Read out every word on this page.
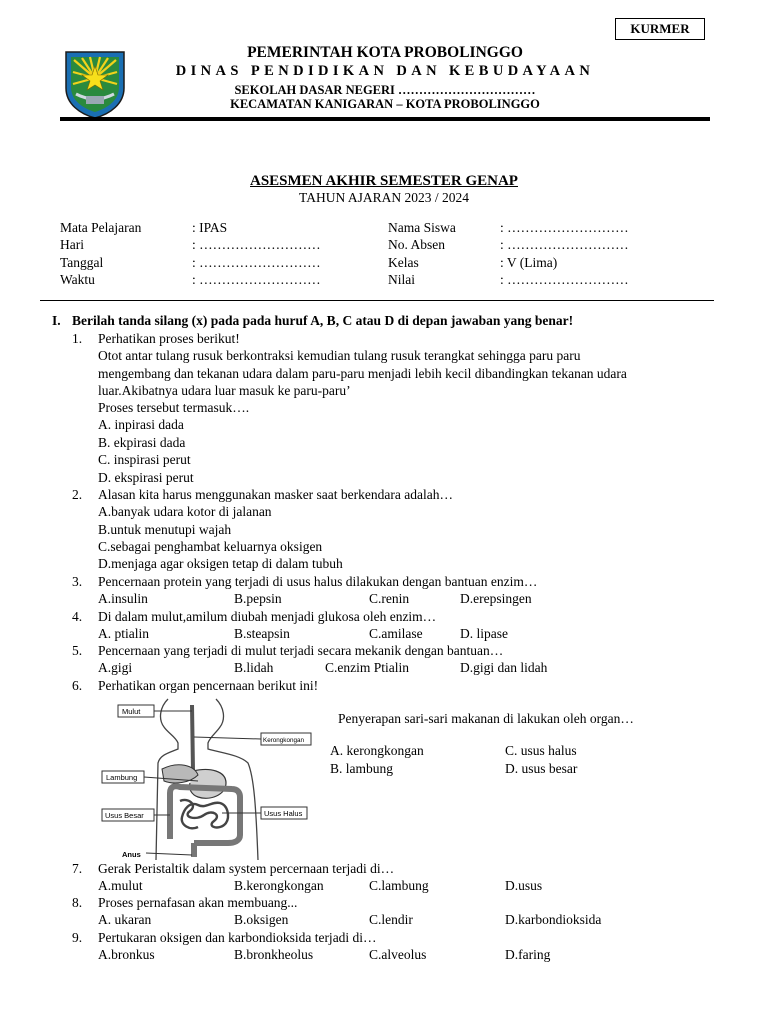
KURMER
PEMERINTAH KOTA PROBOLINGGO
DINAS PENDIDIKAN DAN KEBUDAYAAN
SEKOLAH DASAR NEGERI ……………………………
KECAMATAN KANIGARAN – KOTA PROBOLINGGO
ASESMEN AKHIR SEMESTER GENAP
TAHUN AJARAN 2023 / 2024
Mata Pelajaran	: IPAS
Hari	: ………………………
Tanggal	: ………………………
Waktu	: ………………………
Nama Siswa	: ………………………
No. Absen	: ………………………
Kelas	: V (Lima)
Nilai	: ………………………
I. Berilah tanda silang (x) pada pada huruf A, B, C atau D di depan jawaban yang benar!
1. Perhatikan proses berikut!
Otot antar tulang rusuk berkontraksi kemudian tulang rusuk terangkat sehingga paru paru
mengembang dan tekanan udara dalam paru-paru menjadi lebih kecil dibandingkan tekanan udara
luar.Akibatnya udara luar masuk ke paru-paru’
Proses tersebut termasuk….
A. inpirasi dada
B. ekpirasi dada
C. inspirasi perut
D. ekspirasi perut
2. Alasan kita harus menggunakan masker saat berkendara adalah…
A.banyak udara kotor di jalanan
B.untuk menutupi wajah
C.sebagai penghambat keluarnya oksigen
D.menjaga agar oksigen tetap di dalam tubuh
3. Pencernaan protein yang terjadi di usus halus dilakukan dengan bantuan enzim…
A.insulin	B.pepsin	C.renin	D.erepsingen
4. Di dalam mulut,amilum diubah menjadi glukosa oleh enzim…
A. ptialin	B.steapsin	C.amilase	D. lipase
5. Pencernaan yang terjadi di mulut terjadi secara mekanik dengan bantuan…
A.gigi	B.lidah	C.enzim Ptialin	D.gigi dan lidah
6. Perhatikan organ pencernaan berikut ini!
Mulut
Kerongkongan
Lambung
Usus Besar	Usus Halus
Anus
Penyerapan sari-sari makanan di lakukan oleh organ…
A. kerongkongan	C. usus halus
B. lambung	D. usus besar
7. Gerak Peristaltik dalam system percernaan terjadi di…
A.mulut	B.kerongkongan	C.lambung	D.usus
8. Proses pernafasan akan membuang...
A. ukaran	B.oksigen	C.lendir	D.karbondioksida
9. Pertukaran oksigen dan karbondioksida terjadi di…
A.bronkus	B.bronkheolus	C.alveolus	D.faring
